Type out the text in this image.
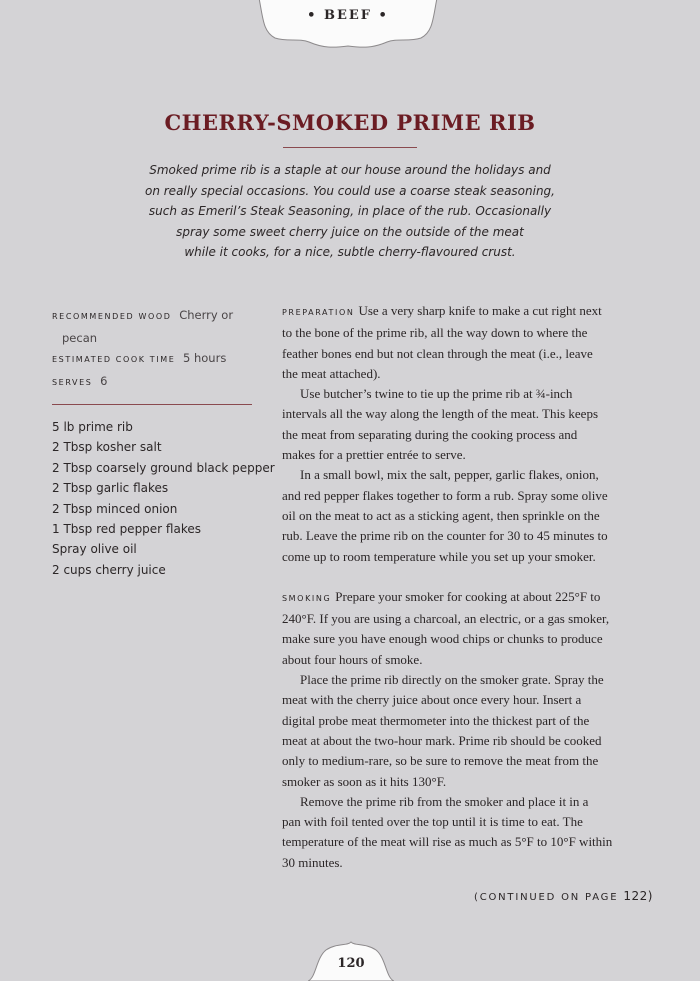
• BEEF •
CHERRY-SMOKED PRIME RIB
Smoked prime rib is a staple at our house around the holidays and
on really special occasions. You could use a coarse steak seasoning,
such as Emeril’s Steak Seasoning, in place of the rub. Occasionally
spray some sweet cherry juice on the outside of the meat
while it cooks, for a nice, subtle cherry-flavoured crust.
RECOMMENDED WOOD Cherry or
pecan
ESTIMATED COOK TIME 5 hours
SERVES 6
5 lb prime rib
2 Tbsp kosher salt
2 Tbsp coarsely ground black pepper
2 Tbsp garlic flakes
2 Tbsp minced onion
1 Tbsp red pepper flakes
Spray olive oil
2 cups cherry juice
PREPARATION Use a very sharp knife to make a cut right next
to the bone of the prime rib, all the way down to where the
feather bones end but not clean through the meat (i.e., leave
the meat attached).
Use butcher’s twine to tie up the prime rib at ¾-inch
intervals all the way along the length of the meat. This keeps
the meat from separating during the cooking process and
makes for a prettier entrée to serve.
In a small bowl, mix the salt, pepper, garlic flakes, onion,
and red pepper flakes together to form a rub. Spray some olive
oil on the meat to act as a sticking agent, then sprinkle on the
rub. Leave the prime rib on the counter for 30 to 45 minutes to
come up to room temperature while you set up your smoker.
SMOKING Prepare your smoker for cooking at about 225°F to
240°F. If you are using a charcoal, an electric, or a gas smoker,
make sure you have enough wood chips or chunks to produce
about four hours of smoke.
Place the prime rib directly on the smoker grate. Spray the
meat with the cherry juice about once every hour. Insert a
digital probe meat thermometer into the thickest part of the
meat at about the two-hour mark. Prime rib should be cooked
only to medium-rare, so be sure to remove the meat from the
smoker as soon as it hits 130°F.
Remove the prime rib from the smoker and place it in a
pan with foil tented over the top until it is time to eat. The
temperature of the meat will rise as much as 5°F to 10°F within
30 minutes.
(CONTINUED ON PAGE 122)
120
